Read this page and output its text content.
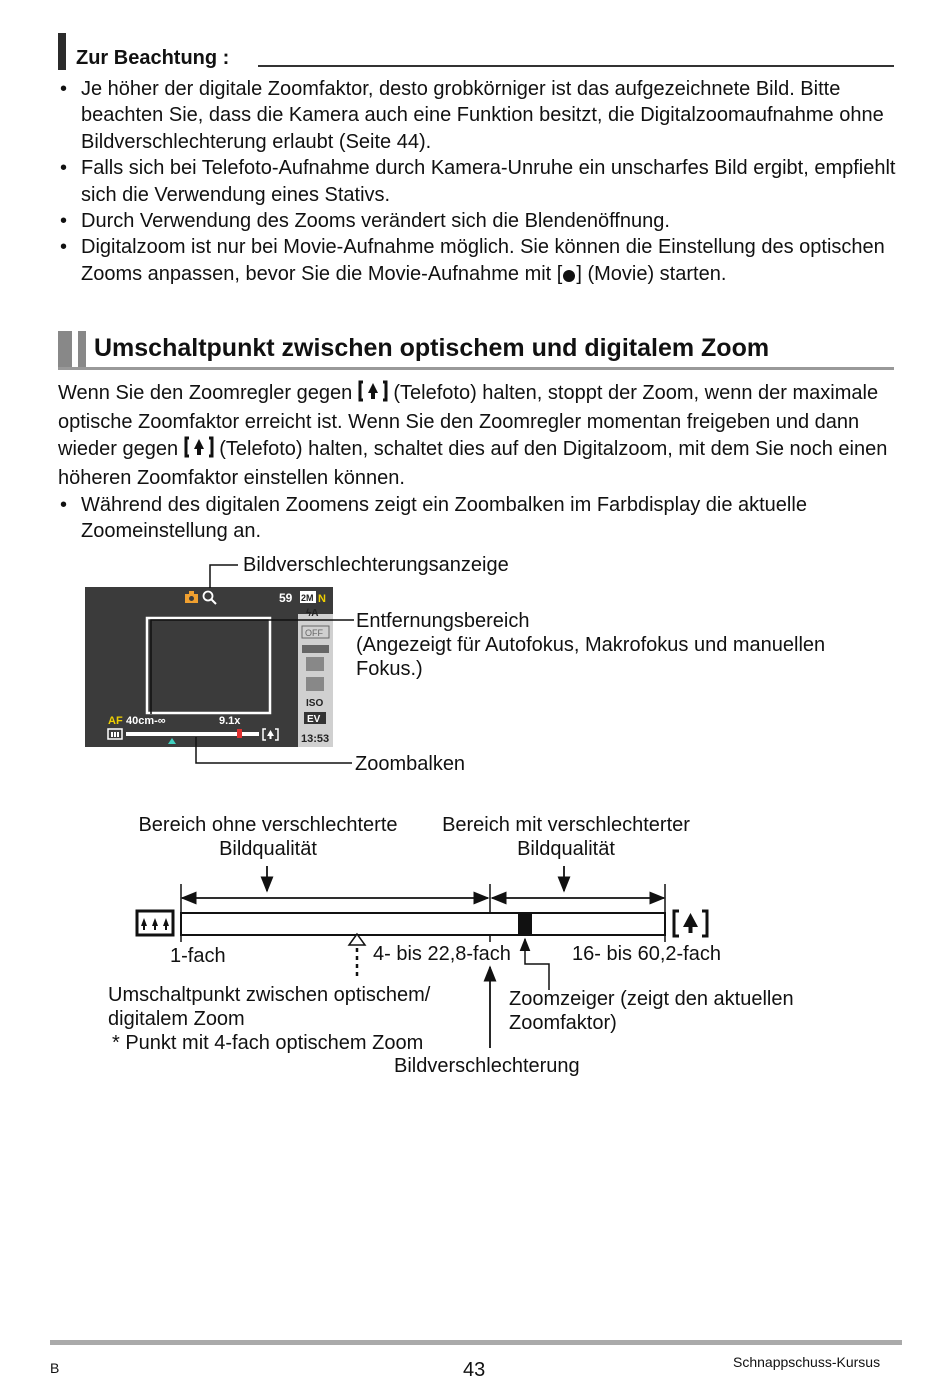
Zur Beachtung :
• Je höher der digitale Zoomfaktor, desto grobkörniger ist das aufgezeichnete Bild. Bitte beachten Sie, dass die Kamera auch eine Funktion besitzt, die Digitalzoomaufnahme ohne Bildverschlechterung erlaubt (Seite 44).
• Falls sich bei Telefoto-Aufnahme durch Kamera-Unruhe ein unscharfes Bild ergibt, empfiehlt sich die Verwendung eines Stativs.
• Durch Verwendung des Zooms verändert sich die Blendenöffnung.
• Digitalzoom ist nur bei Movie-Aufnahme möglich. Sie können die Einstellung des optischen Zooms anpassen, bevor Sie die Movie-Aufnahme mit [ ] (Movie) starten.
Umschaltpunkt zwischen optischem und digitalem Zoom
Wenn Sie den Zoomregler gegen  (Telefoto) halten, stoppt der Zoom, wenn der maximale optische Zoomfaktor erreicht ist. Wenn Sie den Zoomregler momentan freigeben und dann wieder gegen  (Telefoto) halten, schaltet dies auf den Digitalzoom, mit dem Sie noch einen höheren Zoomfaktor einstellen können.
• Während des digitalen Zoomens zeigt ein Zoombalken im Farbdisplay die aktuelle Zoomeinstellung an.
59 2M N
ϟA
OFF
ISO
EV
13:53
AF 40cm-∞	9.1x
Bildverschlechterungsanzeige
Entfernungsbereich
(Angezeigt für Autofokus, Makrofokus und manuellen
Fokus.)
Zoombalken
Bereich ohne verschlechterte
Bildqualität
Bereich mit verschlechterter
Bildqualität
1-fach	4- bis 22,8-fach	16- bis 60,2-fach
Umschaltpunkt zwischen optischem/
digitalem Zoom
* Punkt mit 4-fach optischem Zoom
Zoomzeiger (zeigt den aktuellen
Zoomfaktor)
Bildverschlechterung
B	43	Schnappschuss-Kursus
